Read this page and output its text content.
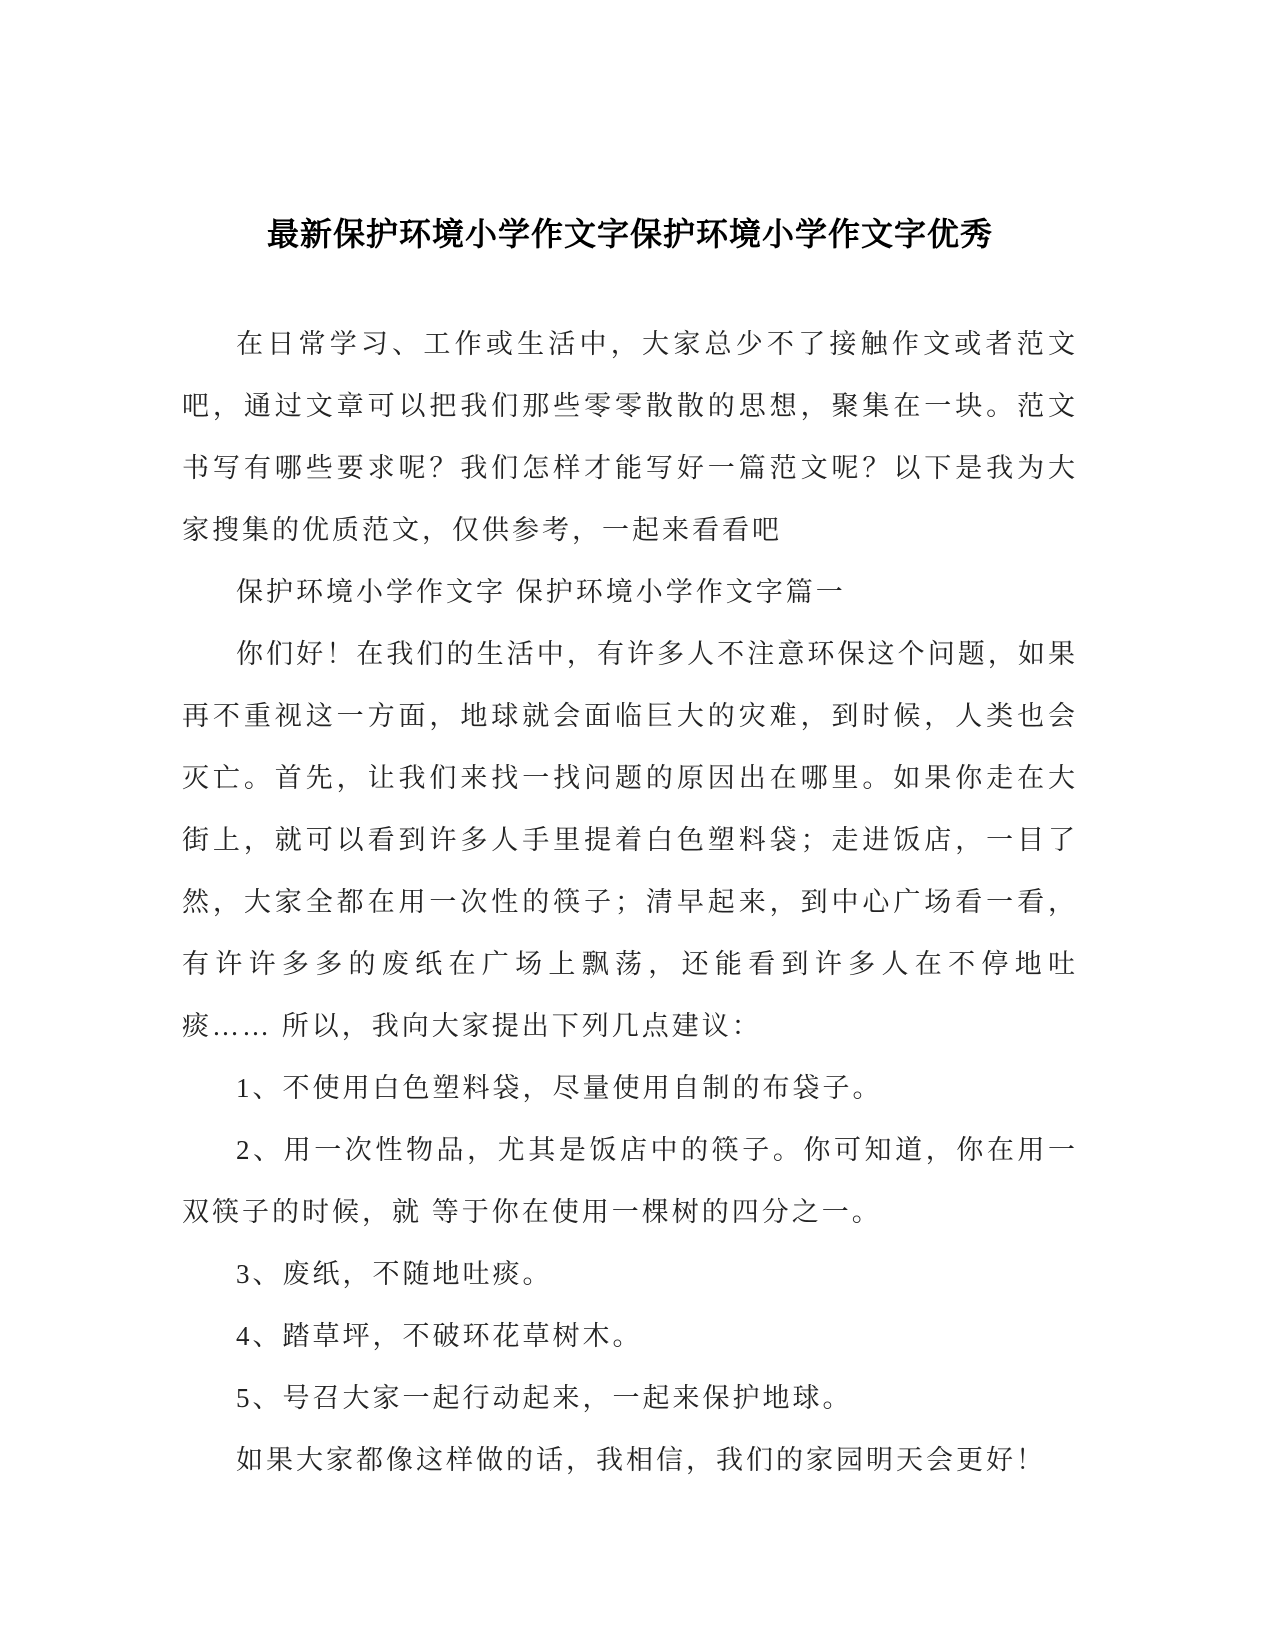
最新保护环境小学作文字保护环境小学作文字优秀

在日常学习、工作或生活中，大家总少不了接触作文或者范文吧，通过文章可以把我们那些零零散散的思想，聚集在一块。范文书写有哪些要求呢？我们怎样才能写好一篇范文呢？以下是我为大家搜集的优质范文，仅供参考，一起来看看吧

保护环境小学作文字 保护环境小学作文字篇一

你们好！在我们的生活中，有许多人不注意环保这个问题，如果再不重视这一方面，地球就会面临巨大的灾难，到时候，人类也会灭亡。首先，让我们来找一找问题的原因出在哪里。如果你走在大街上，就可以看到许多人手里提着白色塑料袋；走进饭店，一目了然，大家全都在用一次性的筷子；清早起来，到中心广场看一看，有许许多多的废纸在广场上飘荡，还能看到许多人在不停地吐痰…… 所以，我向大家提出下列几点建议：

1、不使用白色塑料袋，尽量使用自制的布袋子。

2、用一次性物品，尤其是饭店中的筷子。你可知道，你在用一双筷子的时候，就 等于你在使用一棵树的四分之一。

3、废纸，不随地吐痰。

4、踏草坪，不破环花草树木。

5、号召大家一起行动起来，一起来保护地球。

如果大家都像这样做的话，我相信，我们的家园明天会更好！
